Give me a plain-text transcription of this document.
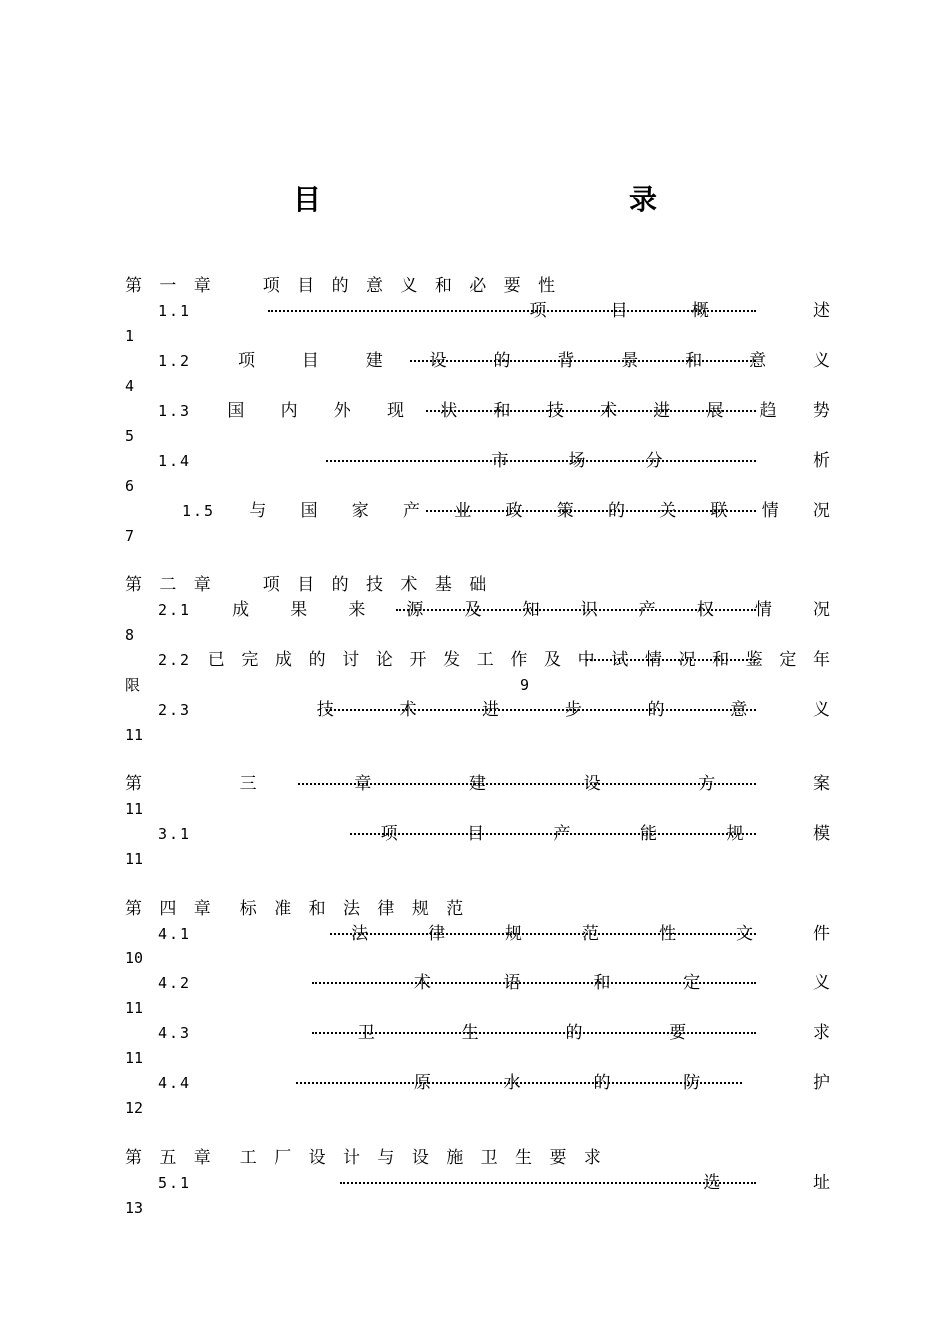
目　　录
第 一 章　　项 目 的 意 义 和 必 要 性
1.1	项	目	概	述
1
1.2	项	目	建	设	的	背	景	和	意	义
4
1.3 国 内 外 现 状 和 技 术 进 展 趋 势
5
1.4	市	场	分	析
6
1.5 与 国 家 产 业 政 策 的 关 联 情 况
7
第 二 章　　项 目 的 技 术 基 础
2.1 成 果 来 源 及 知 识 产 权 情 况
8
2.2 已 完 成 的 讨 论 开 发 工 作 及 中 试 情 况 和 鉴 定 年
限	9
2.3	技	术	进	步	的	意	义
11
第	三	章	建	设	方	案
11
3.1	项	目	产	能	规	模
11
第 四 章　标 准 和 法 律 规 范
4.1	法	律	规	范	性	文	件
10
4.2	术	语	和	定	义
11
4.3	卫	生	的	要	求
11
4.4	原	水	的	防	护
12
第 五 章　工 厂 设 计 与 设 施 卫 生 要 求
5.1	选	址
13
